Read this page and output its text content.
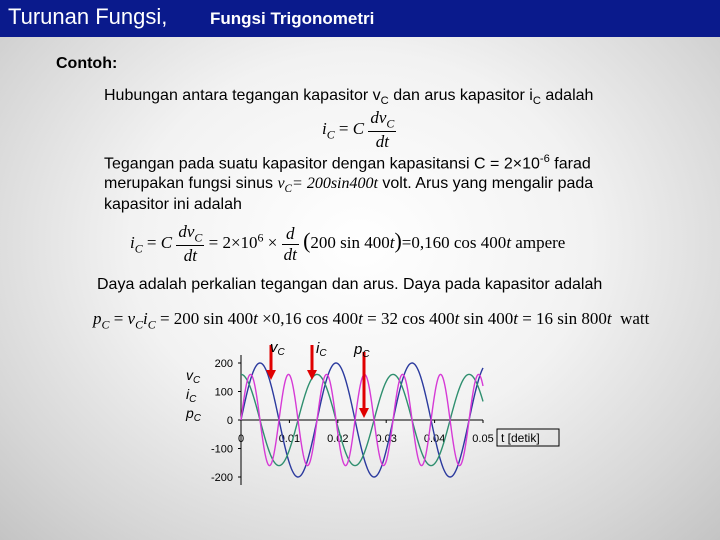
Turunan Fungsi,	Fungsi Trigonometri
Contoh:
Hubungan antara tegangan kapasitor $v_C$ dan arus kapasitor $i_C$ adalah
$i_C = C \frac{dv_C}{dt}$
Tegangan pada suatu kapasitor dengan kapasitansi $C = 2\times 10^{-6}$ farad
merupakan fungsi sinus $v_C= 200\sin 400t$ volt. Arus yang mengalir pada
kapasitor ini adalah
$i_C = C \frac{dv_C}{dt} = 2\times 10^6 \times \frac{d}{dt} (200$ sin 400t)=0,160 cos 400t ampere
Daya adalah perkalian tegangan dan arus. Daya pada kapasitor adalah
$p_C = v_Ci_C = 200$ sin 400t ×0,16 cos 400t = 32 cos 400t sin 400t = 16 sin 800t  watt
200
100
0
-100
-200
0	0.01 0.02 0.03 0.04 0.05 t [detik]
$v_C$
$i_C$
$p_C$
$v_C$ $i_C$ $p_C$
